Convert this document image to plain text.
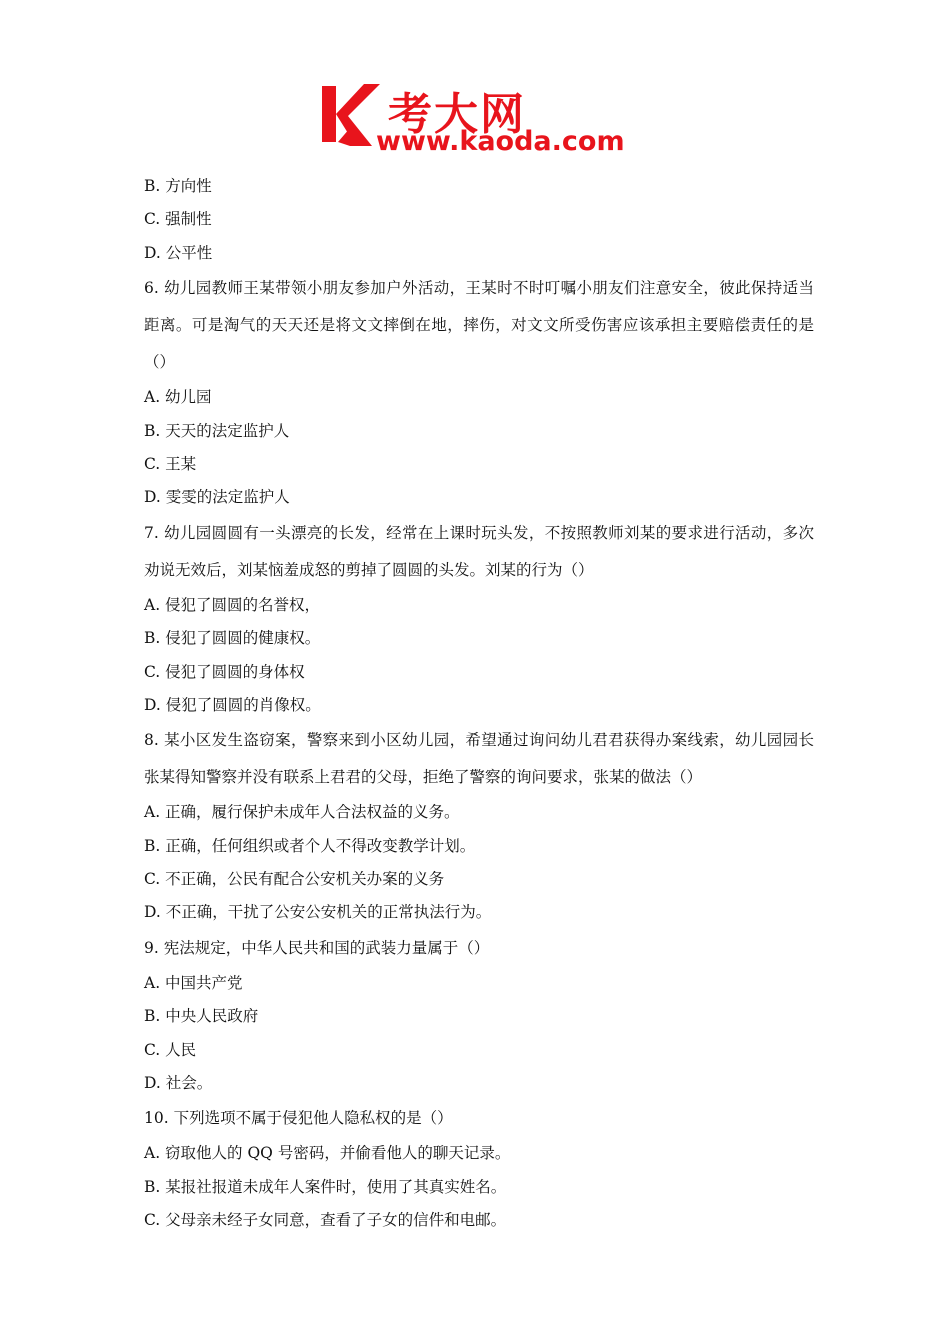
考大网
www.kaoda.com
B. 方向性
C. 强制性
D. 公平性
6. 幼儿园教师王某带领小朋友参加户外活动，王某时不时叮嘱小朋友们注意安全，彼此保持适当距离。可是淘气的天天还是将文文摔倒在地，摔伤，对文文所受伤害应该承担主要赔偿责任的是（）
A. 幼儿园
B. 天天的法定监护人
C. 王某
D. 雯雯的法定监护人
7. 幼儿园圆圆有一头漂亮的长发，经常在上课时玩头发，不按照教师刘某的要求进行活动，多次劝说无效后，刘某恼羞成怒的剪掉了圆圆的头发。刘某的行为（）
A. 侵犯了圆圆的名誉权，
B. 侵犯了圆圆的健康权。
C. 侵犯了圆圆的身体权
D. 侵犯了圆圆的肖像权。
8. 某小区发生盗窃案，警察来到小区幼儿园，希望通过询问幼儿君君获得办案线索，幼儿园园长张某得知警察并没有联系上君君的父母，拒绝了警察的询问要求，张某的做法（）
A. 正确，履行保护未成年人合法权益的义务。
B. 正确，任何组织或者个人不得改变教学计划。
C. 不正确，公民有配合公安机关办案的义务
D. 不正确，干扰了公安公安机关的正常执法行为。
9. 宪法规定，中华人民共和国的武装力量属于（）
A. 中国共产党
B. 中央人民政府
C. 人民
D. 社会。
10. 下列选项不属于侵犯他人隐私权的是（）
A. 窃取他人的 QQ 号密码，并偷看他人的聊天记录。
B. 某报社报道未成年人案件时，使用了其真实姓名。
C. 父母亲未经子女同意，查看了子女的信件和电邮。
